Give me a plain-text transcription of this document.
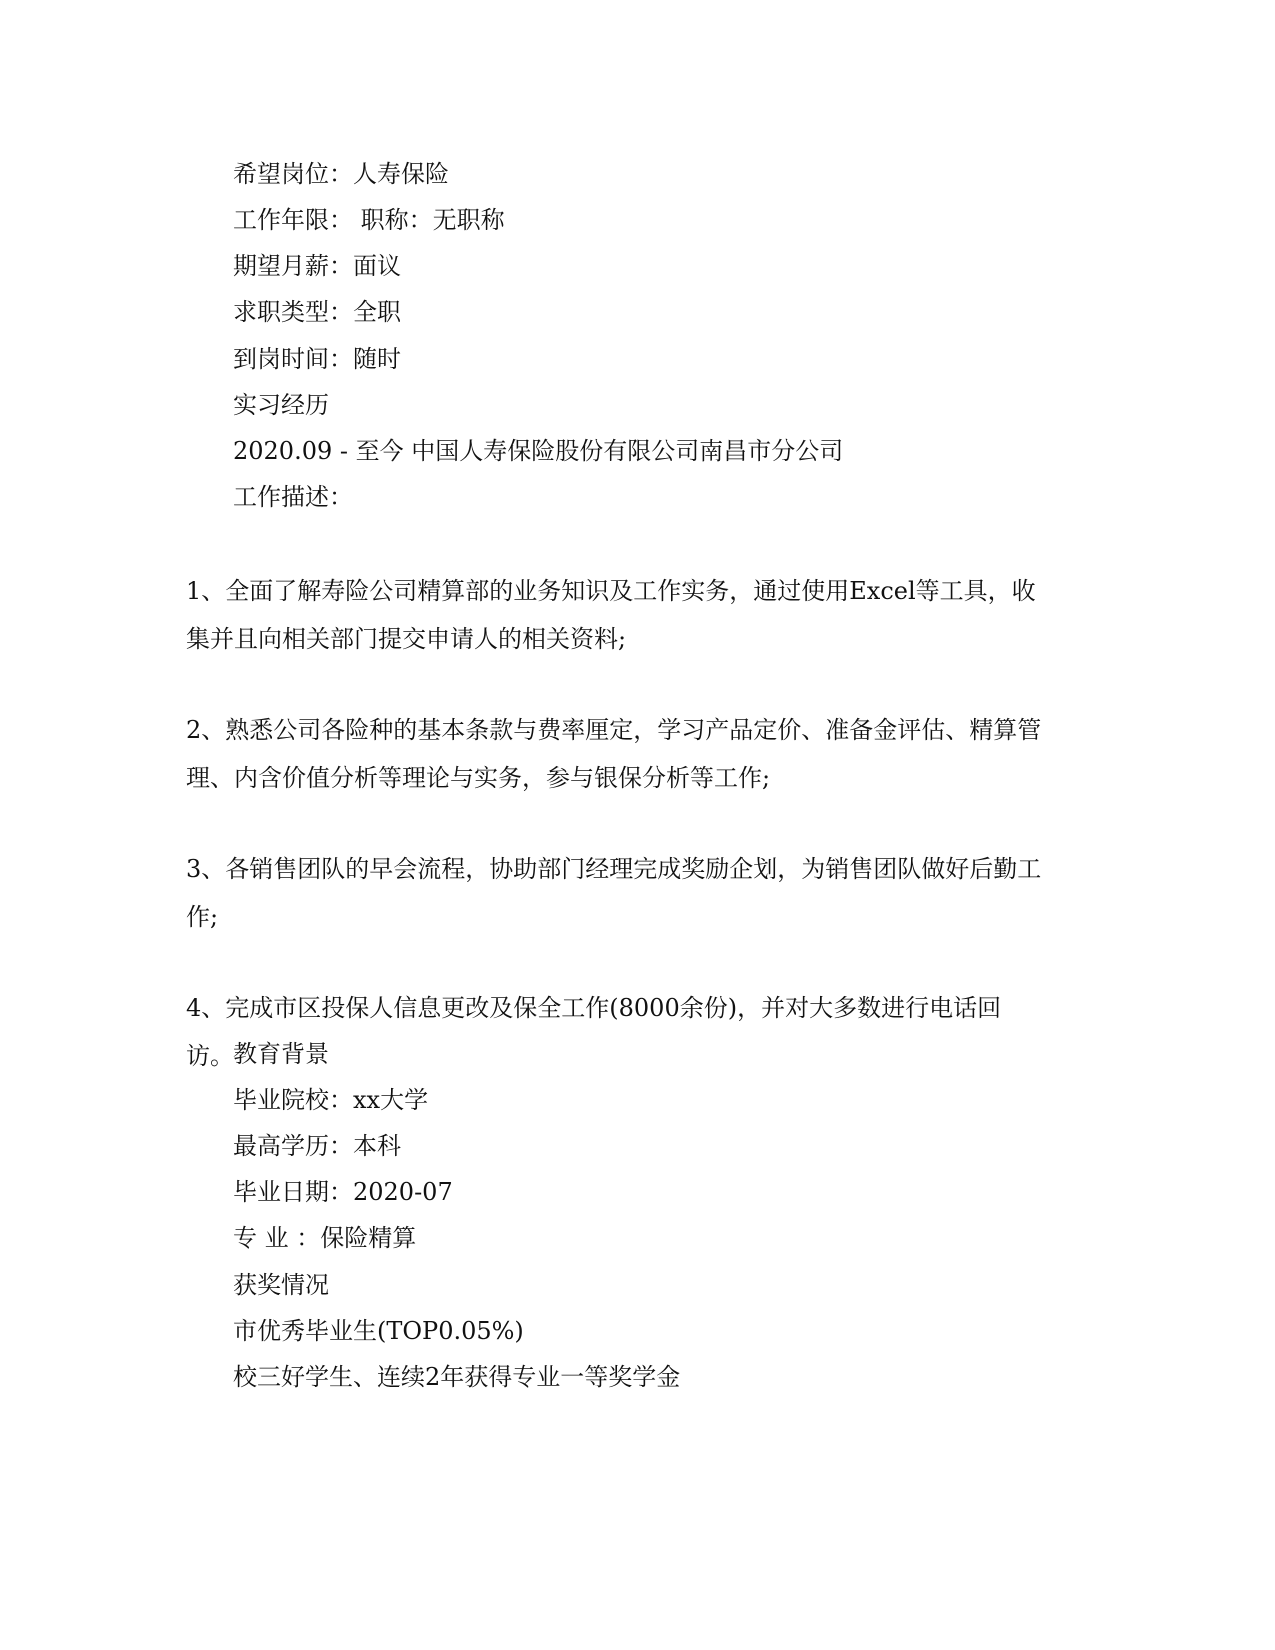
希望岗位：人寿保险
工作年限： 职称：无职称
期望月薪：面议
求职类型：全职
到岗时间：随时
实习经历
2020.09 - 至今 中国人寿保险股份有限公司南昌市分公司
工作描述：
1、全面了解寿险公司精算部的业务知识及工作实务，通过使用Excel等工具，收集并且向相关部门提交申请人的相关资料;
2、熟悉公司各险种的基本条款与费率厘定，学习产品定价、准备金评估、精算管理、内含价值分析等理论与实务，参与银保分析等工作;
3、各销售团队的早会流程，协助部门经理完成奖励企划，为销售团队做好后勤工作;
4、完成市区投保人信息更改及保全工作(8000余份)，并对大多数进行电话回访。 教育背景
毕业院校：xx大学
最高学历：本科
毕业日期：2020-07
专 业 ：保险精算
获奖情况
市优秀毕业生(TOP0.05%)
校三好学生、连续2年获得专业一等奖学金
